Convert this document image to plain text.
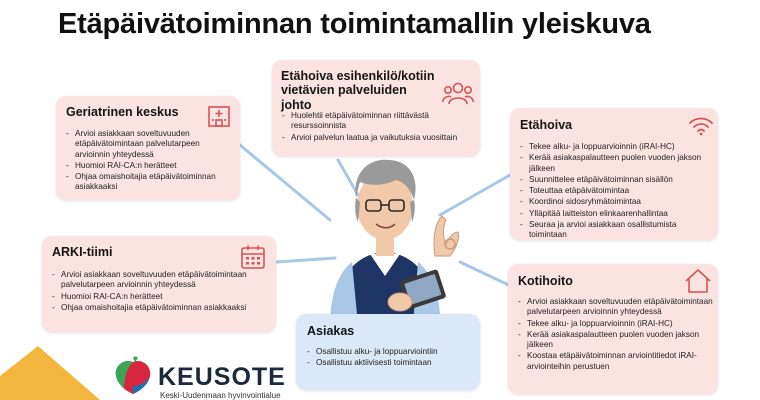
Etäpäivätoiminnan toimintamallin yleiskuva
Etähoiva esihenkilö/kotiin vietävien palveluiden johto
- Huolehtii etäpäivätoiminnan riittävästä resurssoinnista
- Arvioi palvelun laatua ja vaikutuksia vuosittain
Geriatrinen keskus
- Arvioi asiakkaan soveltuvuuden etäpäivätoimintaan palvelutarpeen arvioinnin yhteydessä
- Huomioi RAI-CA:n herätteet
- Ohjaa omaishoitajia etäpäivätoiminnan asiakkaaksi
Etähoiva
- Tekee alku- ja loppuarvioinnin (iRAI-HC)
- Kerää asiakaspalautteen puolen vuoden jakson jälkeen
- Suunnittelee etäpäivätoiminnan sisällön
- Toteuttaa etäpäivätoimintaa
- Koordinoi sidosryhmätoimintaa
- Ylläpitää laitteiston elinkaarenhallintaa
- Seuraa ja arvioi asiakkaan osallistumista toimintaan
ARKI-tiimi
- Arvioi asiakkaan soveltuvuuden etäpäivätoimintaan palvelutarpeen arvioinnin yhteydessä
- Huomioi RAI-CA:n herätteet
- Ohjaa omaishoitajia etäpäivätoiminnan asiakkaaksi
Kotihoito
- Arvioi asiakkaan soveltuvuuden etäpäivätoimintaan palvelutarpeen arvioinnin yhteydessä
- Tekee alku- ja loppuarvioinnin (iRAI-HC)
- Kerää asiakaspalautteen puolen vuoden jakson jälkeen
- Koostaa etäpäivätoiminnan arviointitiedot iRAI-arviointeihin perustuen
Asiakas
- Osallistuu alku- ja loppuarviointiin
- Osallistuu aktiivisesti toimintaan
KEUSOTE
Keski-Uudenmaan hyvinvointialue
